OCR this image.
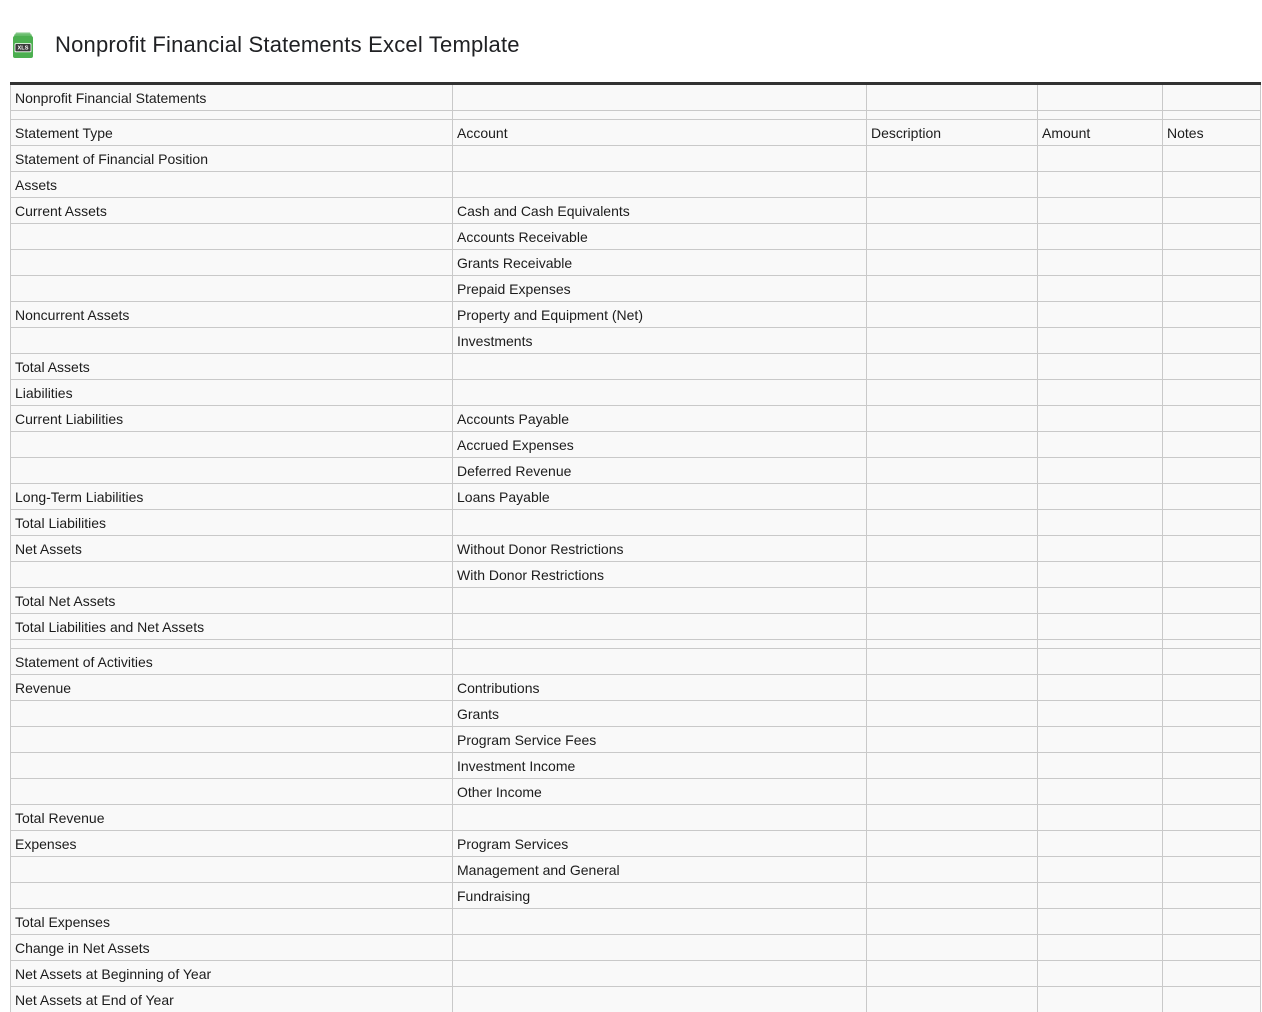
XLS Nonprofit Financial Statements Excel Template
Nonprofit Financial Statements				

Statement Type	Account	Description	Amount	Notes
Statement of Financial Position				
Assets				
Current Assets	Cash and Cash Equivalents			
	Accounts Receivable			
	Grants Receivable			
	Prepaid Expenses			
Noncurrent Assets	Property and Equipment (Net)			
	Investments			
Total Assets				
Liabilities				
Current Liabilities	Accounts Payable			
	Accrued Expenses			
	Deferred Revenue			
Long-Term Liabilities	Loans Payable			
Total Liabilities				
Net Assets	Without Donor Restrictions			
	With Donor Restrictions			
Total Net Assets				
Total Liabilities and Net Assets				

Statement of Activities				
Revenue	Contributions			
	Grants			
	Program Service Fees			
	Investment Income			
	Other Income			
Total Revenue				
Expenses	Program Services			
	Management and General			
	Fundraising			
Total Expenses				
Change in Net Assets				
Net Assets at Beginning of Year				
Net Assets at End of Year				
